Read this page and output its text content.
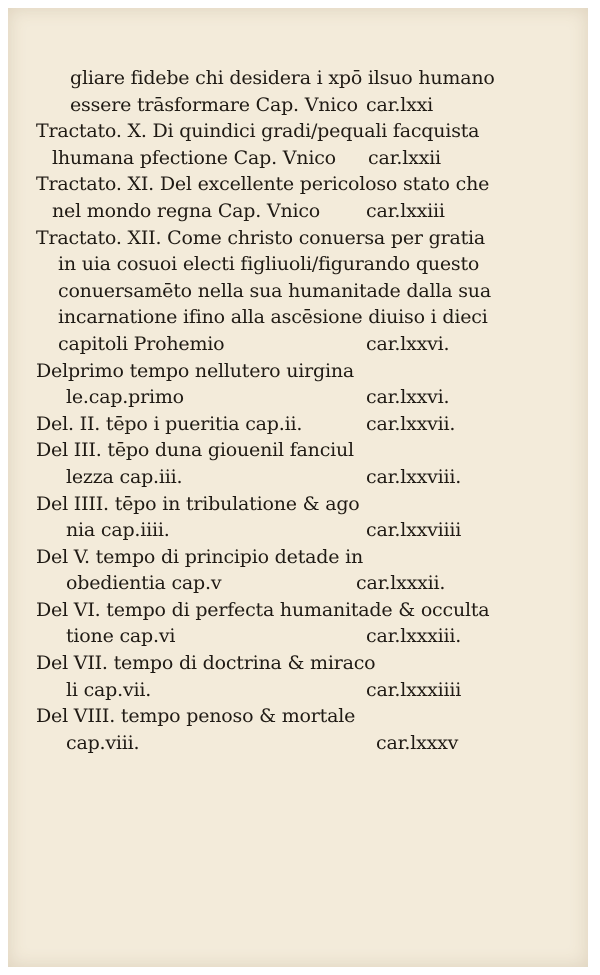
gliare fidebe chi desidera i xpō ilsuo humano
essere trāsformare Cap. Vnico car.lxxi
Tractato. X. Di quindici gradi/pequali facquista
lhumana pfectione Cap. Vnico car.lxxii
Tractato. XI. Del excellente pericoloso stato che
nel mondo regna Cap. Vnico car.lxxiii
Tractato. XII. Come christo conuersa per gratia
in uia cosuoi electi figliuoli/figurando questo
conuersamēto nella sua humanitade dalla sua
incarnatione ifino alla ascēsione diuiso i dieci
capitoli Prohemio	car.lxxvi.
Delprimo tempo nellutero uirgina
le.cap.primo	car.lxxvi.
Del. II. tēpo i pueritia cap.ii.	car.lxxvii.
Del III. tēpo duna giouenil fanciul
lezza cap.iii.	car.lxxviii.
Del IIII. tēpo in tribulatione & ago
nia cap.iiii.	car.lxxviiii
Del V. tempo di principio detade in
obedientia cap.v	car.lxxxii.
Del VI. tempo di perfecta humanitade & occulta
tione cap.vi	car.lxxxiii.
Del VII. tempo di doctrina & miraco
li cap.vii.	car.lxxxiiii
Del VIII. tempo penoso & mortale
cap.viii.	car.lxxxv
